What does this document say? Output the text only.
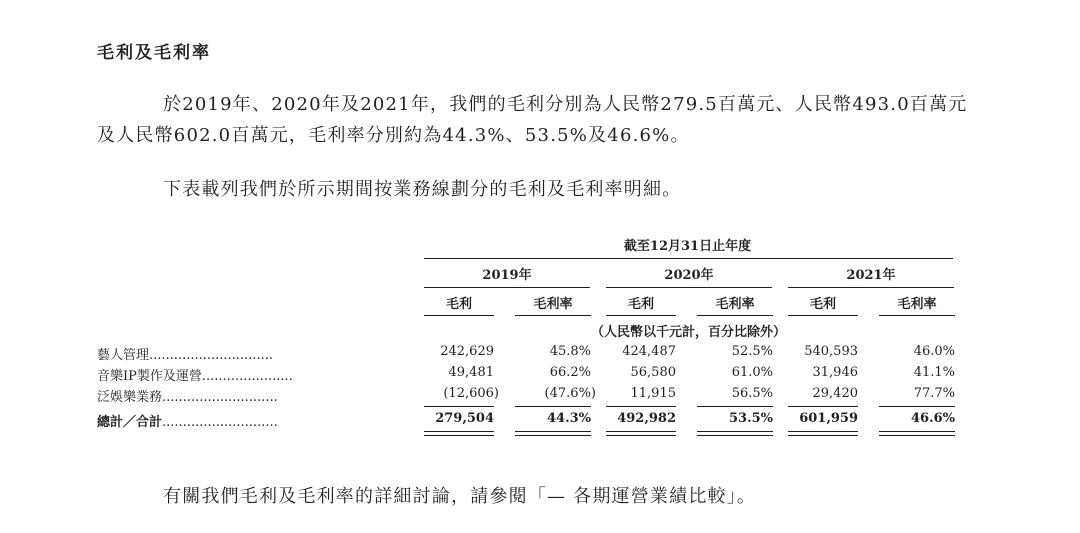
毛利及毛利率
於2019年、2020年及2021年，我們的毛利分別為人民幣279.5百萬元、人民幣493.0百萬元及人民幣602.0百萬元，毛利率分別約為44.3%、53.5%及46.6%。
下表載列我們於所示期間按業務線劃分的毛利及毛利率明細。
截至12月31日止年度
2019年	2020年	2021年
毛利	毛利率	毛利	毛利率	毛利	毛利率
（人民幣以千元計，百分比除外）
藝人管理..............................	242,629	45.8%	424,487	52.5%	540,593	46.0%
音樂IP製作及運營......................	49,481	66.2%	56,580	61.0%	31,946	41.1%
泛娛樂業務............................	(12,606)	(47.6%)	11,915	56.5%	29,420	77.7%
總計／合計............................	279,504	44.3%	492,982	53.5%	601,959	46.6%
有關我們毛利及毛利率的詳細討論，請參閱「— 各期運營業績比較」。
